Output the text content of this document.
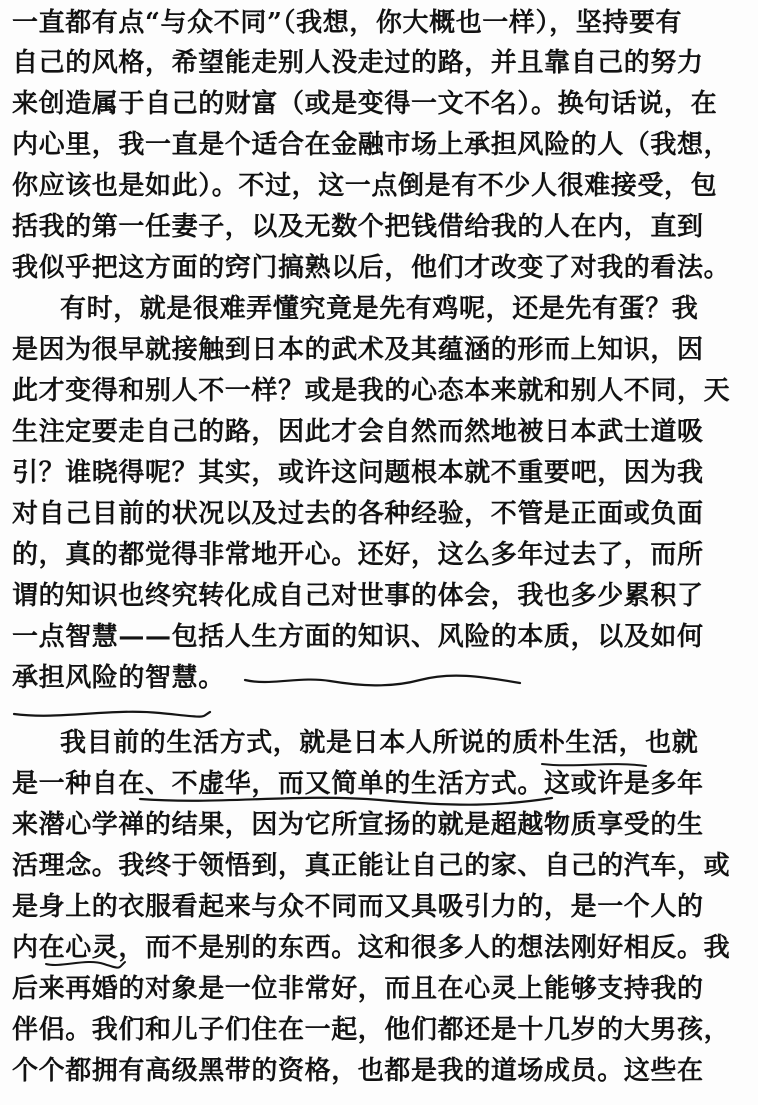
一直都有点“与众不同”（我想，你大概也一样），坚持要有
自己的风格，希望能走别人没走过的路，并且靠自己的努力
来创造属于自己的财富（或是变得一文不名）。换句话说，在
内心里，我一直是个适合在金融市场上承担风险的人（我想，
你应该也是如此）。不过，这一点倒是有不少人很难接受，包
括我的第一任妻子，以及无数个把钱借给我的人在内，直到
我似乎把这方面的窍门搞熟以后，他们才改变了对我的看法。
有时，就是很难弄懂究竟是先有鸡呢，还是先有蛋？我
是因为很早就接触到日本的武术及其蕴涵的形而上知识，因
此才变得和别人不一样？或是我的心态本来就和别人不同，天
生注定要走自己的路，因此才会自然而然地被日本武士道吸
引？谁晓得呢？其实，或许这问题根本就不重要吧，因为我
对自己目前的状况以及过去的各种经验，不管是正面或负面
的，真的都觉得非常地开心。还好，这么多年过去了，而所
谓的知识也终究转化成自己对世事的体会，我也多少累积了
一点智慧——包括人生方面的知识、风险的本质，以及如何
承担风险的智慧。
我目前的生活方式，就是日本人所说的质朴生活，也就
是一种自在、不虚华，而又简单的生活方式。这或许是多年
来潜心学禅的结果，因为它所宣扬的就是超越物质享受的生
活理念。我终于领悟到，真正能让自己的家、自己的汽车，或
是身上的衣服看起来与众不同而又具吸引力的，是一个人的
内在心灵，而不是别的东西。这和很多人的想法刚好相反。我
后来再婚的对象是一位非常好，而且在心灵上能够支持我的
伴侣。我们和儿子们住在一起，他们都还是十几岁的大男孩，
个个都拥有高级黑带的资格，也都是我的道场成员。这些在
